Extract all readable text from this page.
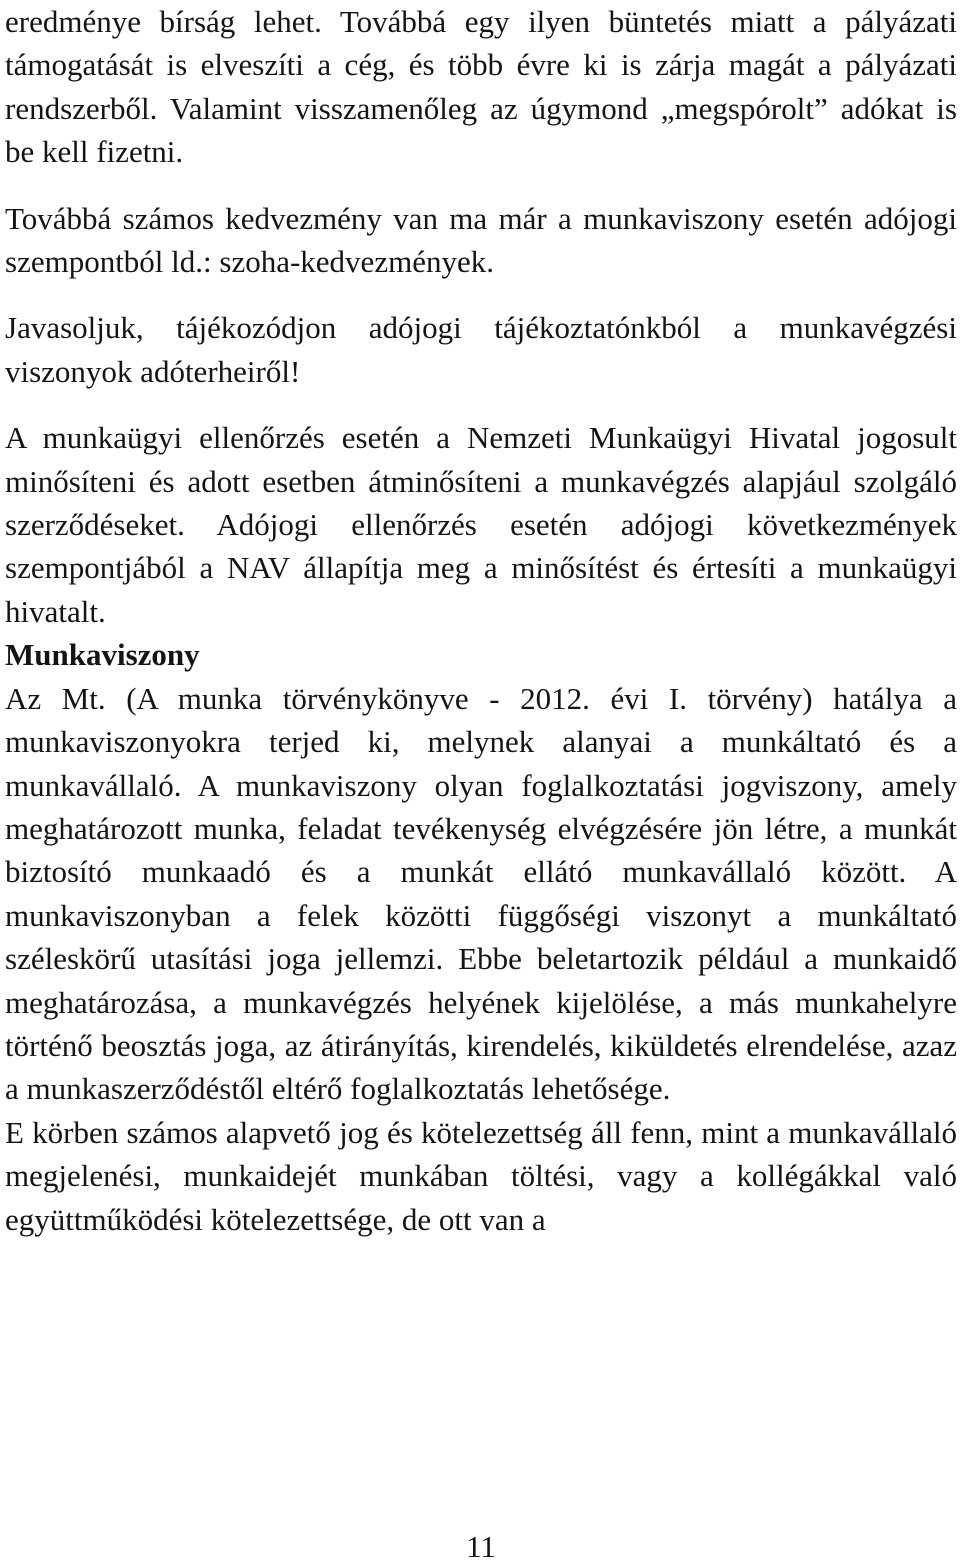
eredménye bírság lehet. Továbbá egy ilyen büntetés miatt a pályázati támogatását is elveszíti a cég, és több évre ki is zárja magát a pályázati rendszerből. Valamint visszamenőleg az úgymond „megspórolt” adókat is be kell fizetni.

Továbbá számos kedvezmény van ma már a munkaviszony esetén adójogi szempontból ld.: szoha-kedvezmények.

Javasoljuk, tájékozódjon adójogi tájékoztatónkból a munkavégzési viszonyok adóterheiről!

A munkaügyi ellenőrzés esetén a Nemzeti Munkaügyi Hivatal jogosult minősíteni és adott esetben átminősíteni a munkavégzés alapjául szolgáló szerződéseket. Adójogi ellenőrzés esetén adójogi következmények szempontjából a NAV állapítja meg a minősítést és értesíti a munkaügyi hivatalt.

Munkaviszony

Az Mt. (A munka törvénykönyve - 2012. évi I. törvény) hatálya a munkaviszonyokra terjed ki, melynek alanyai a munkáltató és a munkavállaló. A munkaviszony olyan foglalkoztatási jogviszony, amely meghatározott munka, feladat tevékenység elvégzésére jön létre, a munkát biztosító munkaadó és a munkát ellátó munkavállaló között. A munkaviszonyban a felek közötti függőségi viszonyt a munkáltató széleskörű utasítási joga jellemzi. Ebbe beletartozik például a munkaidő meghatározása, a munkavégzés helyének kijelölése, a más munkahelyre történő beosztás joga, az átirányítás, kirendelés, kiküldetés elrendelése, azaz a munkaszerződéstől eltérő foglalkoztatás lehetősége.

E körben számos alapvető jog és kötelezettség áll fenn, mint a munkavállaló megjelenési, munkaidejét munkában töltési, vagy a kollégákkal való együttműködési kötelezettsége, de ott van a

11
